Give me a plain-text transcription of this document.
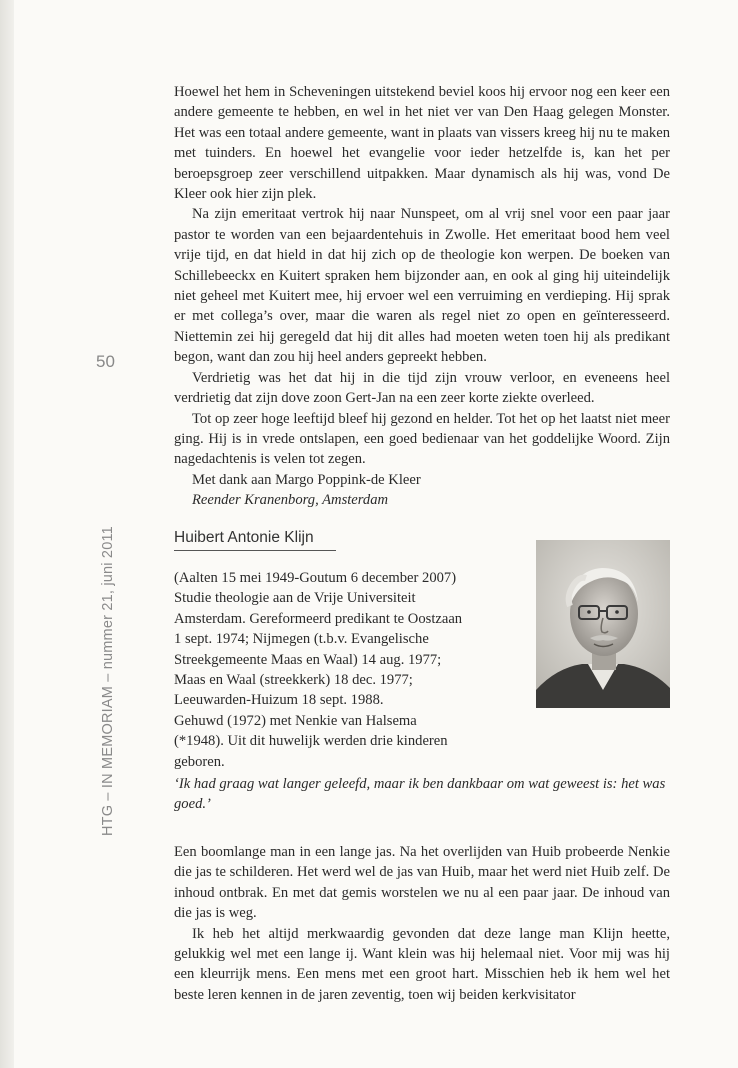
50
HTG – IN MEMORIAM – nummer 21, juni 2011

Hoewel het hem in Scheveningen uitstekend beviel koos hij ervoor nog een keer een andere gemeente te hebben, en wel in het niet ver van Den Haag gelegen Monster. Het was een totaal andere gemeente, want in plaats van vissers kreeg hij nu te maken met tuinders. En hoewel het evangelie voor ieder hetzelfde is, kan het per beroepsgroep zeer verschillend uitpakken. Maar dynamisch als hij was, vond De Kleer ook hier zijn plek.

Na zijn emeritaat vertrok hij naar Nunspeet, om al vrij snel voor een paar jaar pastor te worden van een bejaardentehuis in Zwolle. Het emeritaat bood hem veel vrije tijd, en dat hield in dat hij zich op de theologie kon werpen. De boeken van Schillebeeckx en Kuitert spraken hem bijzonder aan, en ook al ging hij uiteindelijk niet geheel met Kuitert mee, hij ervoer wel een verruiming en verdieping. Hij sprak er met collega’s over, maar die waren als regel niet zo open en geïnteresseerd. Niettemin zei hij geregeld dat hij dit alles had moeten weten toen hij als predikant begon, want dan zou hij heel anders gepreekt hebben.

Verdrietig was het dat hij in die tijd zijn vrouw verloor, en eveneens heel verdrietig dat zijn dove zoon Gert-Jan na een zeer korte ziekte overleed.

Tot op zeer hoge leeftijd bleef hij gezond en helder. Tot het op het laatst niet meer ging. Hij is in vrede ontslapen, een goed bedienaar van het goddelijke Woord. Zijn nagedachtenis is velen tot zegen.

Met dank aan Margo Poppink-de Kleer

Reender Kranenborg, Amsterdam

Huibert Antonie Klijn
(Aalten 15 mei 1949-Goutum 6 december 2007)
Studie theologie aan de Vrije Universiteit
Amsterdam. Gereformeerd predikant te Oostzaan
1 sept. 1974; Nijmegen (t.b.v. Evangelische
Streekgemeente Maas en Waal) 14 aug. 1977;
Maas en Waal (streekkerk) 18 dec. 1977;
Leeuwarden-Huizum 18 sept. 1988.
Gehuwd (1972) met Nenkie van Halsema
(*1948). Uit dit huwelijk werden drie kinderen
geboren.
‘Ik had graag wat langer geleefd, maar ik ben dankbaar om wat geweest is: het was goed.’

Een boomlange man in een lange jas. Na het overlijden van Huib probeerde Nenkie die jas te schilderen. Het werd wel de jas van Huib, maar het werd niet Huib zelf. De inhoud ontbrak. En met dat gemis worstelen we nu al een paar jaar. De inhoud van die jas is weg.

Ik heb het altijd merkwaardig gevonden dat deze lange man Klijn heette, gelukkig wel met een lange ij. Want klein was hij helemaal niet. Voor mij was hij een kleurrijk mens. Een mens met een groot hart. Misschien heb ik hem wel het beste leren kennen in de jaren zeventig, toen wij beiden kerkvisitator
